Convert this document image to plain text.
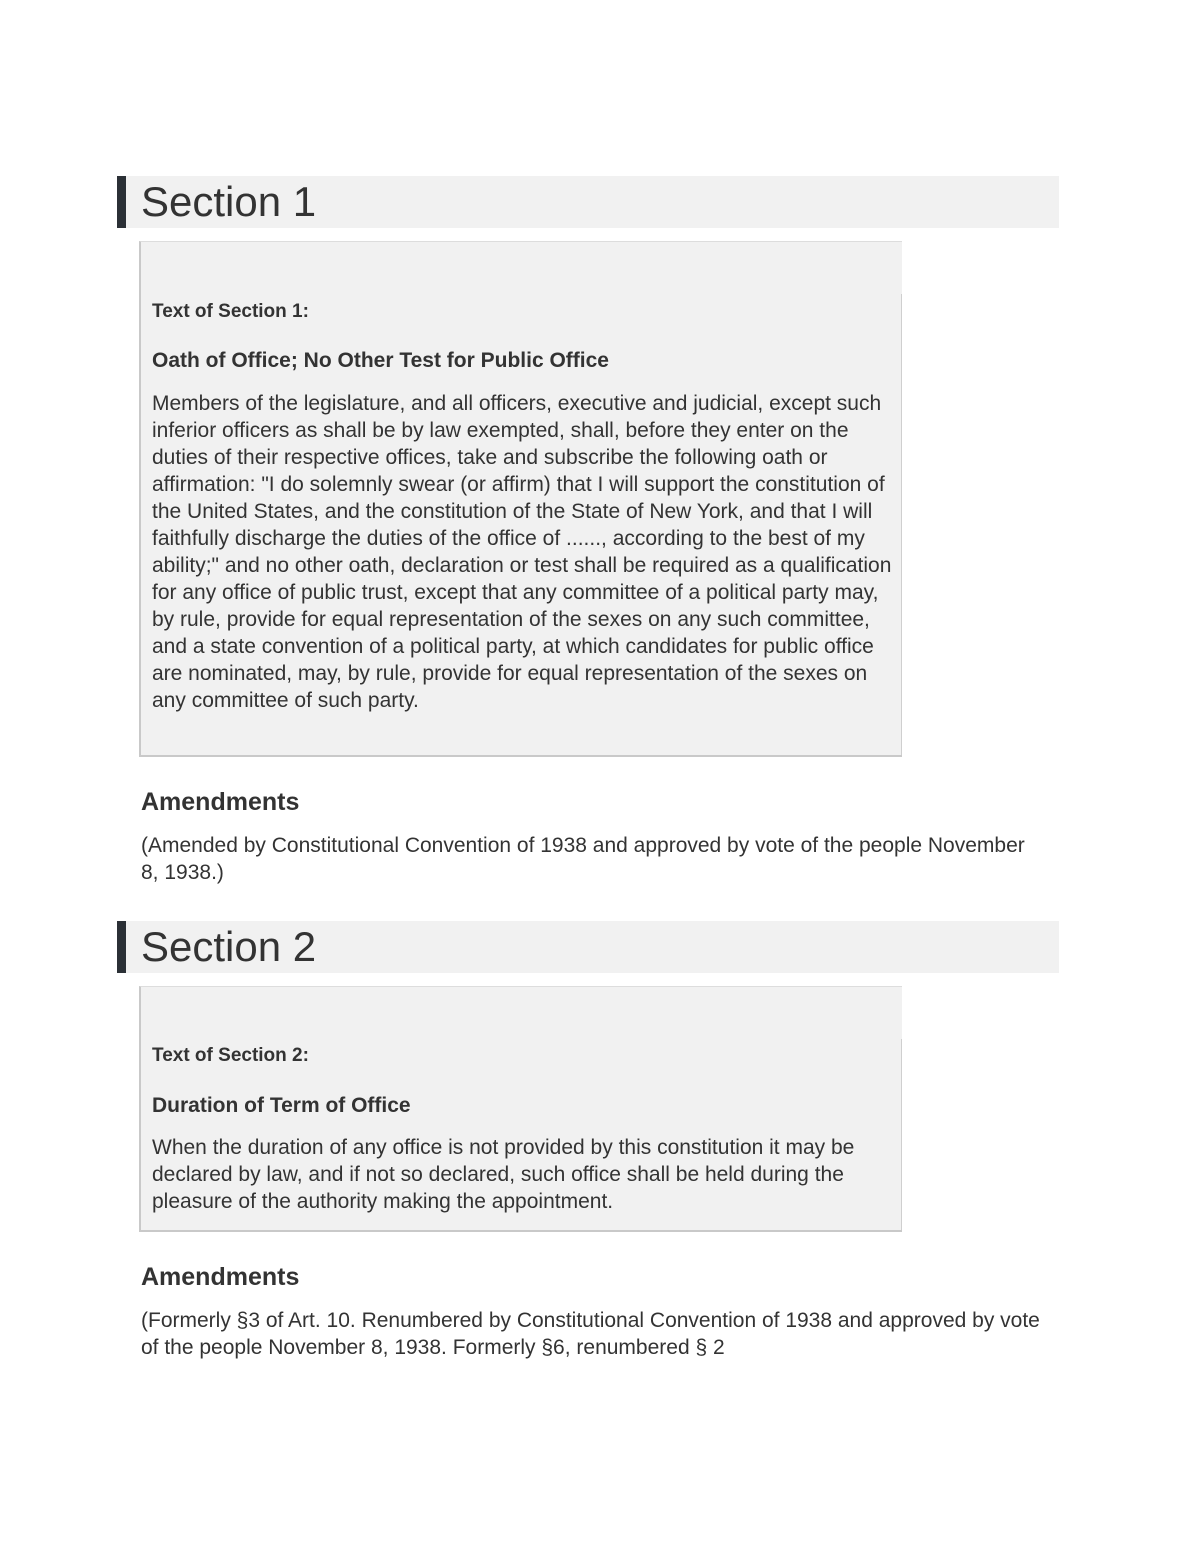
Section 1

Text of Section 1:

Oath of Office; No Other Test for Public Office

Members of the legislature, and all officers, executive and judicial, except such inferior officers as shall be by law exempted, shall, before they enter on the duties of their respective offices, take and subscribe the following oath or affirmation: "I do solemnly swear (or affirm) that I will support the constitution of the United States, and the constitution of the State of New York, and that I will faithfully discharge the duties of the office of ......, according to the best of my ability;" and no other oath, declaration or test shall be required as a qualification for any office of public trust, except that any committee of a political party may, by rule, provide for equal representation of the sexes on any such committee, and a state convention of a political party, at which candidates for public office are nominated, may, by rule, provide for equal representation of the sexes on any committee of such party.

Amendments

(Amended by Constitutional Convention of 1938 and approved by vote of the people November 8, 1938.)

Section 2

Text of Section 2:

Duration of Term of Office

When the duration of any office is not provided by this constitution it may be declared by law, and if not so declared, such office shall be held during the pleasure of the authority making the appointment.

Amendments

(Formerly §3 of Art. 10. Renumbered by Constitutional Convention of 1938 and approved by vote of the people November 8, 1938. Formerly §6, renumbered § 2
